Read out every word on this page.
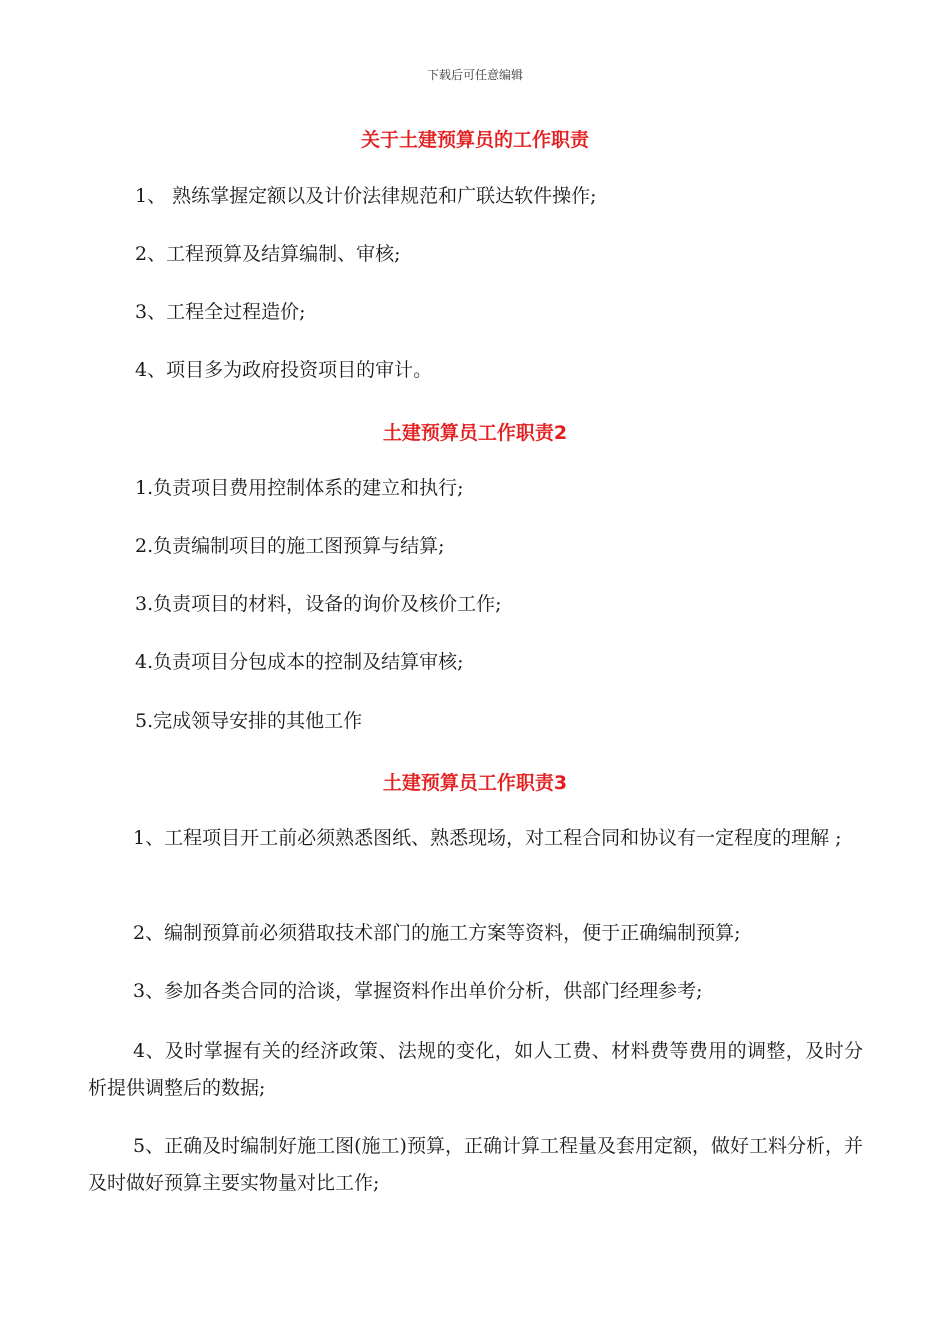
下载后可任意编辑
关于土建预算员的工作职责
1、 熟练掌握定额以及计价法律规范和广联达软件操作;
2、工程预算及结算编制、审核;
3、工程全过程造价;
4、项目多为政府投资项目的审计。
土建预算员工作职责2
1.负责项目费用控制体系的建立和执行;
2.负责编制项目的施工图预算与结算;
3.负责项目的材料，设备的询价及核价工作;
4.负责项目分包成本的控制及结算审核;
5.完成领导安排的其他工作
土建预算员工作职责3
1、工程项目开工前必须熟悉图纸、熟悉现场，对工程合同和协议有一定程度的理解 ;
2、编制预算前必须猎取技术部门的施工方案等资料，便于正确编制预算;
3、参加各类合同的洽谈，掌握资料作出单价分析，供部门经理参考;
4、及时掌握有关的经济政策、法规的变化，如人工费、材料费等费用的调整，及时分析提供调整后的数据;
5、正确及时编制好施工图(施工)预算，正确计算工程量及套用定额，做好工料分析，并及时做好预算主要实物量对比工作;
